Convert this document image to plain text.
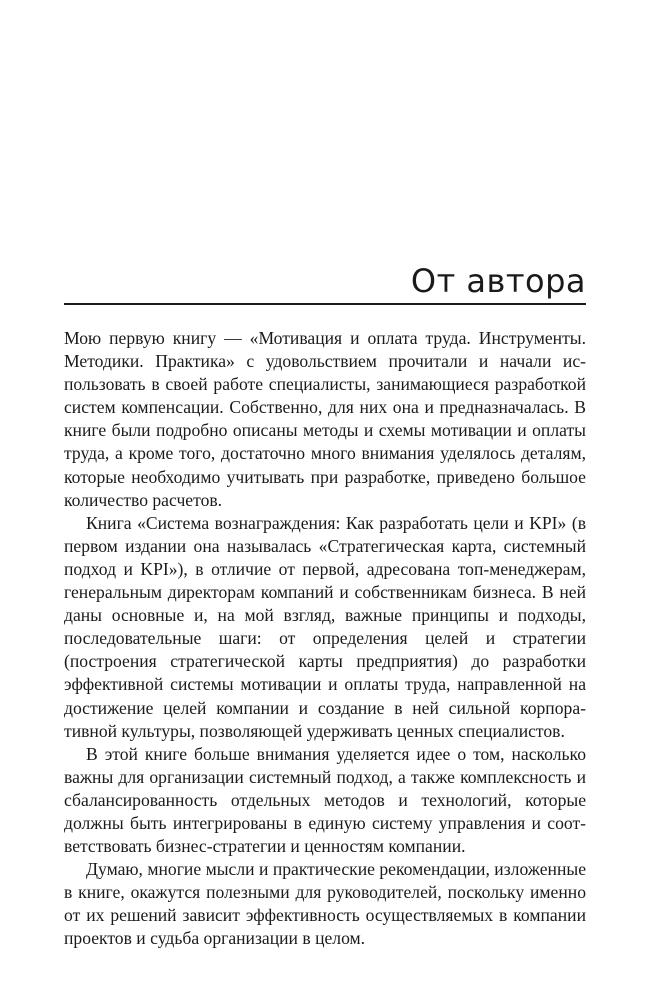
От автора

Мою первую книгу — «Мотивация и оплата труда. Инструменты. Методики. Практика» с удовольствием прочитали и начали использовать в своей работе специалисты, занимающиеся разработкой систем компенсации. Собственно, для них она и предназначалась. В книге были подробно описаны методы и схемы мотивации и оплаты труда, а кроме того, достаточно много внимания уделялось деталям, которые необходимо учитывать при разработке, приведено большое количество расчетов.

Книга «Система вознаграждения: Как разработать цели и KPI» (в первом издании она называлась «Стратегическая карта, системный подход и KPI»), в отличие от первой, адресована топ-менеджерам, генеральным директорам компаний и собственникам бизнеса. В ней даны основные и, на мой взгляд, важные принципы и подходы, последовательные шаги: от определения целей и стратегии (построения стратегической карты предприятия) до разработки эффективной системы мотивации и оплаты труда, направленной на достижение целей компании и создание в ней сильной корпоративной культуры, позволяющей удерживать ценных специалистов.

В этой книге больше внимания уделяется идее о том, насколько важны для организации системный подход, а также комплексность и сбалансированность отдельных методов и технологий, которые должны быть интегрированы в единую систему управления и соответствовать бизнес-стратегии и ценностям компании.

Думаю, многие мысли и практические рекомендации, изложенные в книге, окажутся полезными для руководителей, поскольку именно от их решений зависит эффективность осуществляемых в компании проектов и судьба организации в целом.
